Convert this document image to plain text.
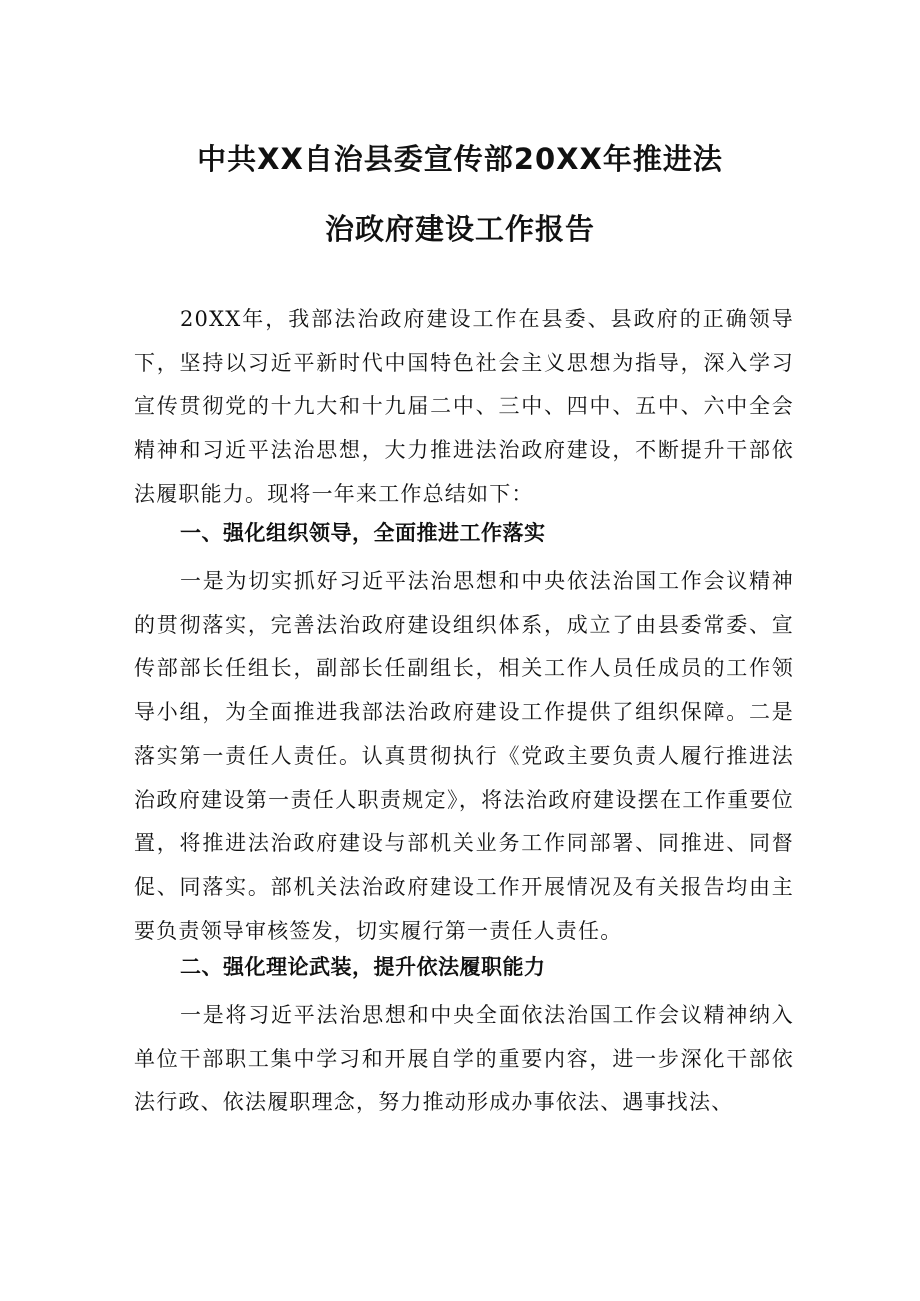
中共XX自治县委宣传部20XX年推进法
治政府建设工作报告

20XX年，我部法治政府建设工作在县委、县政府的正确领导下，坚持以习近平新时代中国特色社会主义思想为指导，深入学习宣传贯彻党的十九大和十九届二中、三中、四中、五中、六中全会精神和习近平法治思想，大力推进法治政府建设，不断提升干部依法履职能力。现将一年来工作总结如下：

一、强化组织领导，全面推进工作落实

一是为切实抓好习近平法治思想和中央依法治国工作会议精神的贯彻落实，完善法治政府建设组织体系，成立了由县委常委、宣传部部长任组长，副部长任副组长，相关工作人员任成员的工作领导小组，为全面推进我部法治政府建设工作提供了组织保障。二是落实第一责任人责任。认真贯彻执行《党政主要负责人履行推进法治政府建设第一责任人职责规定》，将法治政府建设摆在工作重要位置，将推进法治政府建设与部机关业务工作同部署、同推进、同督促、同落实。部机关法治政府建设工作开展情况及有关报告均由主要负责领导审核签发，切实履行第一责任人责任。

二、强化理论武装，提升依法履职能力

一是将习近平法治思想和中央全面依法治国工作会议精神纳入单位干部职工集中学习和开展自学的重要内容，进一步深化干部依法行政、依法履职理念，努力推动形成办事依法、遇事找法、
